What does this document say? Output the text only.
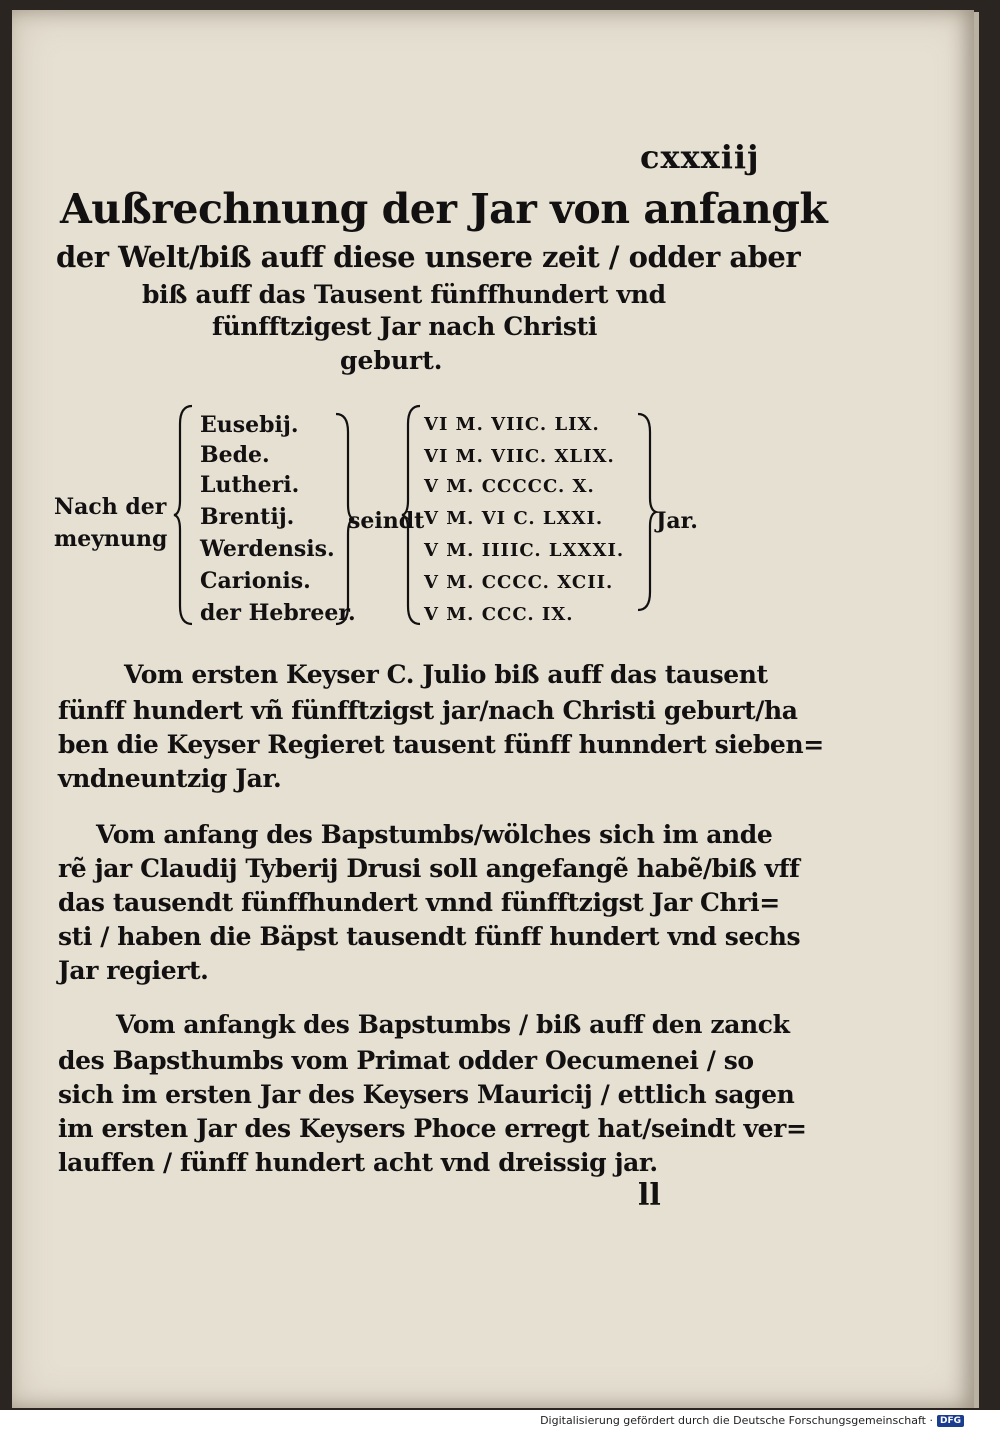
cxxxiij
Außrechnung der Jar von anfangk
der Welt/biß auff diese unsere zeit / odder aber
biß auff das Tausent fünffhundert vnd
fünfftzigest Jar nach Christi
geburt.
Nach der
meynung
Eusebij.
Bede.
Lutheri.
Brentij.
Werdensis.
Carionis.
der Hebreer.
seindt
VI M. VIIC. LIX.
VI M. VIIC. XLIX.
V M. CCCCC. X.
V M. VI C. LXXI.
V M. IIIIC. LXXXI.
V M. CCCC. XCII.
V M. CCC. IX.
Jar.
Vom ersten Keyser C. Julio biß auff das tausent
fünff hundert vñ fünfftzigst jar/nach Christi geburt/ha
ben die Keyser Regieret tausent fünff hunndert sieben=
vndneuntzig Jar.
Vom anfang des Bapstumbs/wölches sich im ande
rẽ jar Claudij Tyberij Drusi soll angefangẽ habẽ/biß vff
das tausendt fünffhundert vnnd fünfftzigst Jar Chri=
sti / haben die Bäpst tausendt fünff hundert vnd sechs
Jar regiert.
Vom anfangk des Bapstumbs / biß auff den zanck
des Bapsthumbs vom Primat odder Oecumenei / so
sich im ersten Jar des Keysers Mauricij / ettlich sagen
im ersten Jar des Keysers Phoce erregt hat/seindt ver=
lauffen / fünff hundert acht vnd dreissig jar.
ll
Digitalisierung gefördert durch die Deutsche Forschungsgemeinschaft · DFG
